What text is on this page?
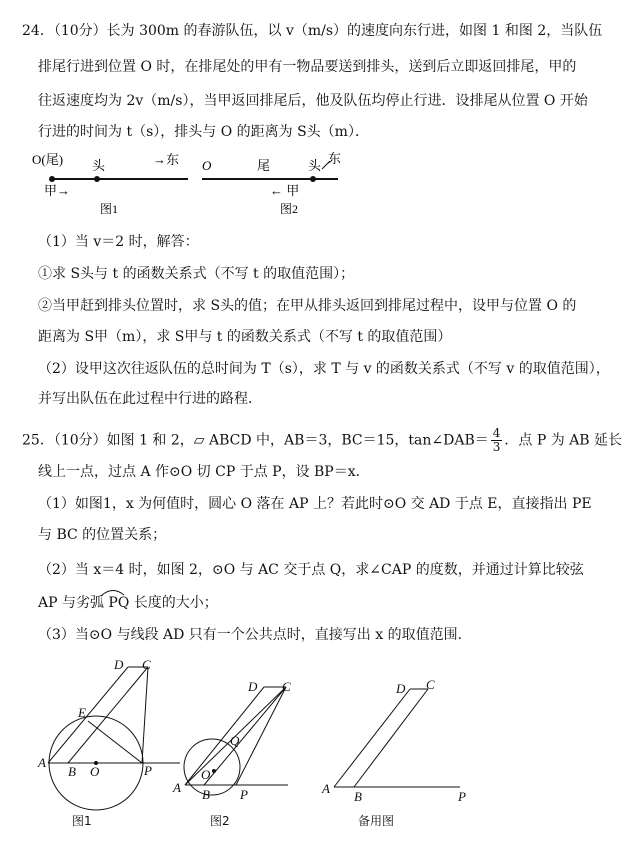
24．（10分）长为 300m 的春游队伍，以 v（m/s）的速度向东行进，如图 1 和图 2，当队伍
排尾行进到位置 O 时，在排尾处的甲有一物品要送到排头，送到后立即返回排尾，甲的
往返速度均为 2v（m/s），当甲返回排尾后，他及队伍均停止行进．设排尾从位置 O 开始
行进的时间为 t（s），排头与 O 的距离为 S头（m）．
O(尾) 头	→东
甲→
图1
O	尾	头 东
← 甲
图2
（1）当 v＝2 时，解答：
①求 S头与 t 的函数关系式（不写 t 的取值范围）；
②当甲赶到排头位置时，求 S头的值；在甲从排头返回到排尾过程中，设甲与位置 O 的
距离为 S甲（m），求 S甲与 t 的函数关系式（不写 t 的取值范围）
（2）设甲这次往返队伍的总时间为 T（s），求 T 与 v 的函数关系式（不写 v 的取值范围），
并写出队伍在此过程中行进的路程．
25．（10分）如图 1 和 2，▱ ABCD 中，AB＝3，BC＝15，tan∠DAB＝ $\frac{4}{3}$ ．点 P 为 AB 延长
线上一点，过点 A 作⊙O 切 CP 于点 P，设 BP＝x．
（1）如图1，x 为何值时，圆心 O 落在 AP 上？若此时⊙O 交 AD 于点 E，直接指出 PE
与 BC 的位置关系；
（2）当 x＝4 时，如图 2，⊙O 与 AC 交于点 Q，求∠CAP 的度数，并通过计算比较弦
AP 与劣弧 PQ 长度的大小；
（3）当⊙O 与线段 AD 只有一个公共点时，直接写出 x 的取值范围．
A
B O	P
D C
E
图1
A B
O
P
D C
Q
图2
A
B	P
D C
备用图
